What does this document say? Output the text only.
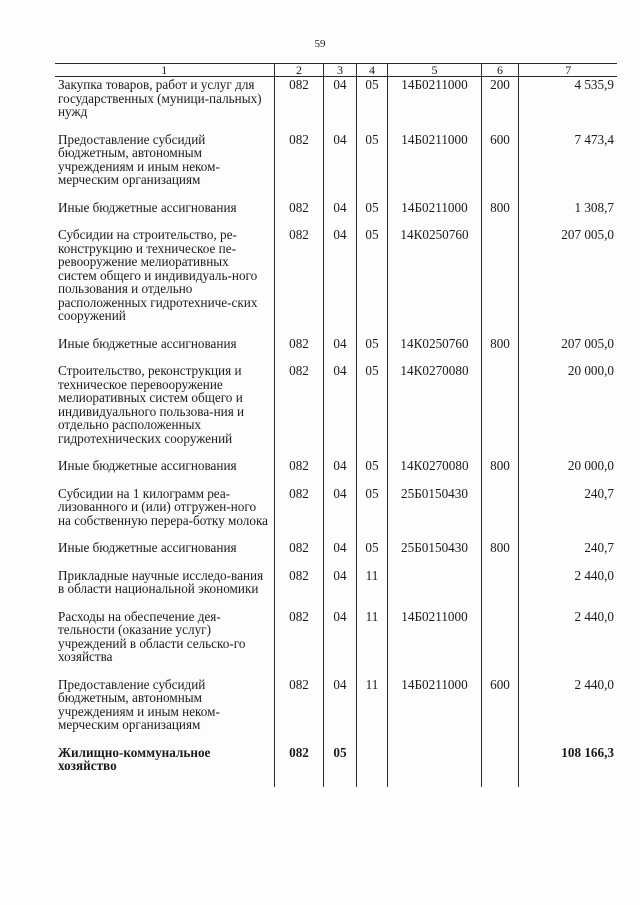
59
1	2	3	4	5	6	7
Закупка товаров, работ и услуг для государственных (муници-пальных) нужд	082	04	05	14Б0211000	200	4 535,9
Предоставление субсидий бюджетным, автономным учреждениям и иным неком-мерческим организациям	082	04	05	14Б0211000	600	7 473,4
Иные бюджетные ассигнования	082	04	05	14Б0211000	800	1 308,7
Субсидии на строительство, ре-конструкцию и техническое пе-ревооружение мелиоративных систем общего и индивидуаль-ного пользования и отдельно расположенных гидротехниче-ских сооружений	082	04	05	14К0250760		207 005,0
Иные бюджетные ассигнования	082	04	05	14К0250760	800	207 005,0
Строительство, реконструкция и техническое перевооружение мелиоративных систем общего и индивидуального пользова-ния и отдельно расположенных гидротехнических сооружений	082	04	05	14К0270080		20 000,0
Иные бюджетные ассигнования	082	04	05	14К0270080	800	20 000,0
Субсидии на 1 килограмм реа-лизованного и (или) отгружен-ного на собственную перера-ботку молока	082	04	05	25Б0150430		240,7
Иные бюджетные ассигнования	082	04	05	25Б0150430	800	240,7
Прикладные научные исследо-вания в области национальной экономики	082	04	11			2 440,0
Расходы на обеспечение дея-тельности (оказание услуг) учреждений в области сельско-го хозяйства	082	04	11	14Б0211000		2 440,0
Предоставление субсидий бюджетным, автономным учреждениям и иным неком-мерческим организациям	082	04	11	14Б0211000	600	2 440,0
Жилищно-коммунальное хозяйство	082	05				108 166,3
